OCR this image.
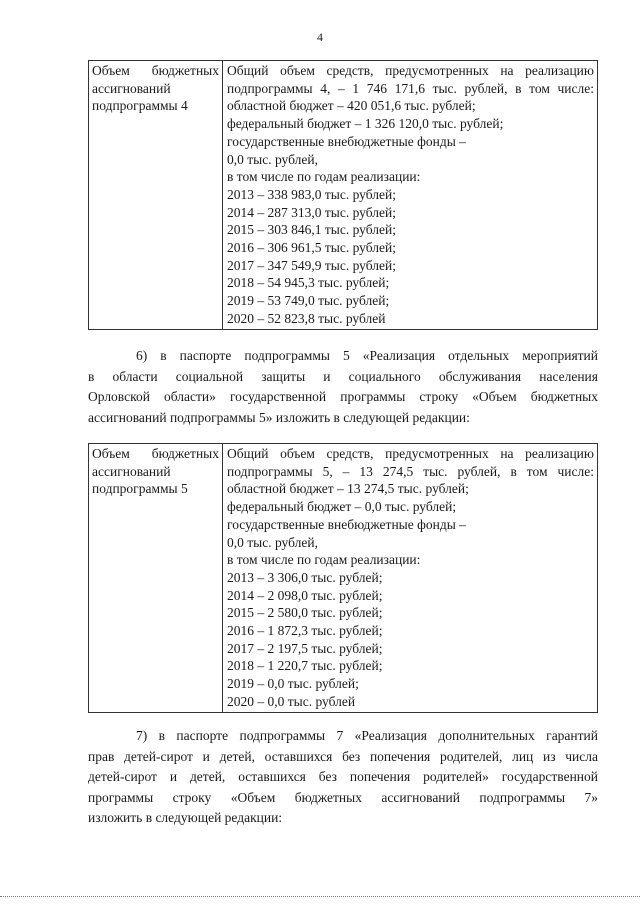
4
Объем бюджетных
ассигнований
подпрограммы 4

Общий объем средств, предусмотренных на реализацию
подпрограммы 4, – 1 746 171,6 тыс. рублей, в том числе:
областной бюджет – 420 051,6 тыс. рублей;
федеральный бюджет – 1 326 120,0 тыс. рублей;
государственные внебюджетные фонды –
0,0 тыс. рублей,
в том числе по годам реализации:
2013 – 338 983,0 тыс. рублей;
2014 – 287 313,0 тыс. рублей;
2015 – 303 846,1 тыс. рублей;
2016 – 306 961,5 тыс. рублей;
2017 – 347 549,9 тыс. рублей;
2018 – 54 945,3 тыс. рублей;
2019 – 53 749,0 тыс. рублей;
2020 – 52 823,8 тыс. рублей
6) в паспорте подпрограммы 5 «Реализация отдельных мероприятий
в области социальной защиты и социального обслуживания населения
Орловской области» государственной программы строку «Объем бюджетных
ассигнований подпрограммы 5» изложить в следующей редакции:
Объем бюджетных
ассигнований
подпрограммы 5

Общий объем средств, предусмотренных на реализацию
подпрограммы 5, – 13 274,5 тыс. рублей, в том числе:
областной бюджет – 13 274,5 тыс. рублей;
федеральный бюджет – 0,0 тыс. рублей;
государственные внебюджетные фонды –
0,0 тыс. рублей,
в том числе по годам реализации:
2013 – 3 306,0 тыс. рублей;
2014 – 2 098,0 тыс. рублей;
2015 – 2 580,0 тыс. рублей;
2016 – 1 872,3 тыс. рублей;
2017 – 2 197,5 тыс. рублей;
2018 – 1 220,7 тыс. рублей;
2019 – 0,0 тыс. рублей;
2020 – 0,0 тыс. рублей
7) в паспорте подпрограммы 7 «Реализация дополнительных гарантий
прав детей-сирот и детей, оставшихся без попечения родителей, лиц из числа
детей-сирот и детей, оставшихся без попечения родителей» государственной
программы строку «Объем бюджетных ассигнований подпрограммы 7»
изложить в следующей редакции:
